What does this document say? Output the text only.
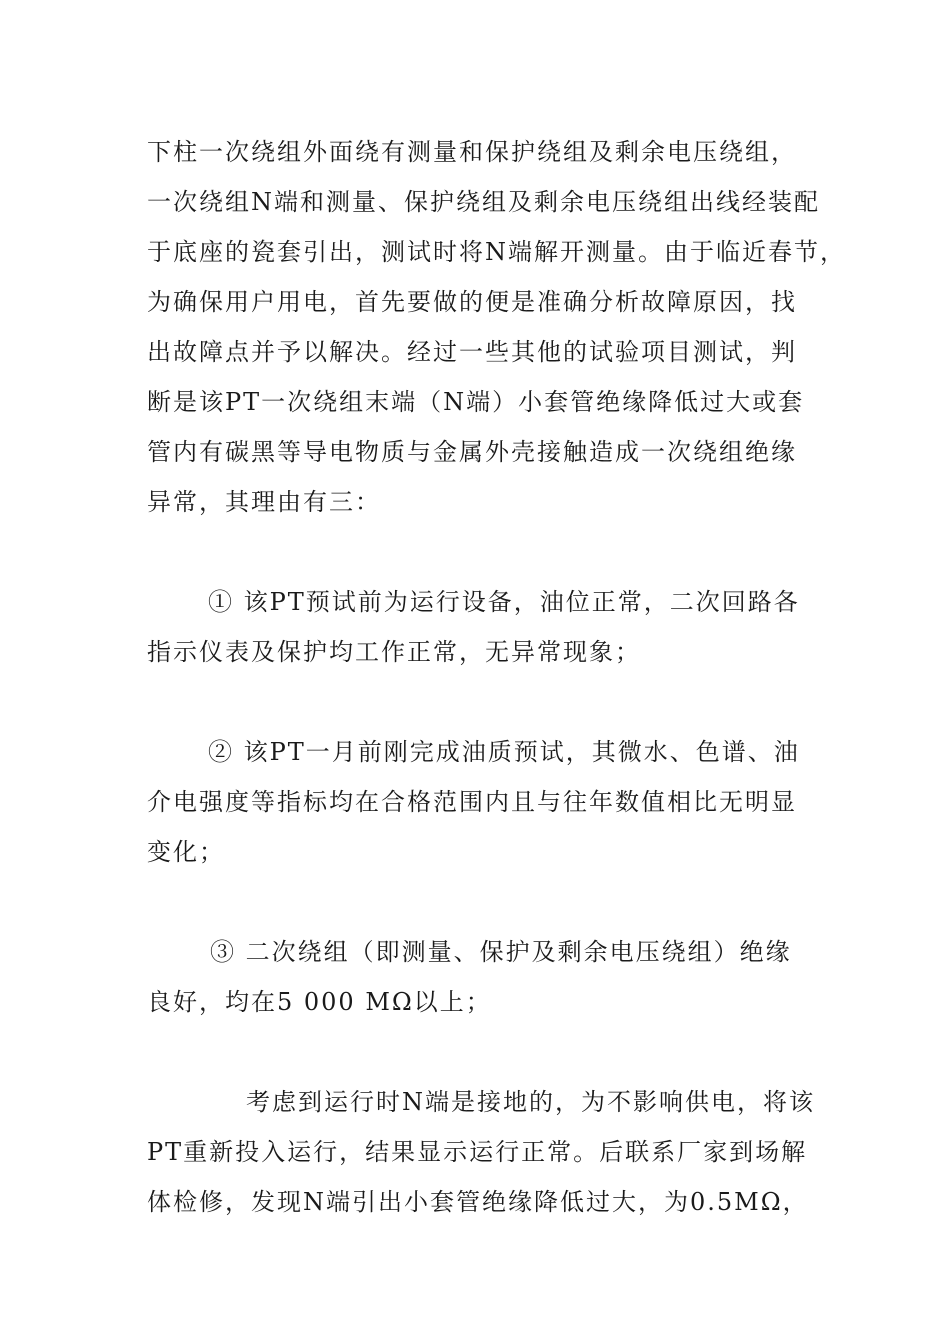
下柱一次绕组外面绕有测量和保护绕组及剩余电压绕组，
一次绕组N端和测量、保护绕组及剩余电压绕组出线经装配
于底座的瓷套引出，测试时将N端解开测量。由于临近春节，
为确保用户用电，首先要做的便是准确分析故障原因，找
出故障点并予以解决。经过一些其他的试验项目测试，判
断是该PT一次绕组末端（N端）小套管绝缘降低过大或套
管内有碳黑等导电物质与金属外壳接触造成一次绕组绝缘
异常，其理由有三：
① 该PT预试前为运行设备，油位正常，二次回路各
指示仪表及保护均工作正常，无异常现象；
② 该PT一月前刚完成油质预试，其微水、色谱、油
介电强度等指标均在合格范围内且与往年数值相比无明显
变化；
③ 二次绕组（即测量、保护及剩余电压绕组）绝缘
良好，均在5 000 MΩ以上；
考虑到运行时N端是接地的，为不影响供电，将该
PT重新投入运行，结果显示运行正常。后联系厂家到场解
体检修，发现N端引出小套管绝缘降低过大，为0.5MΩ，
